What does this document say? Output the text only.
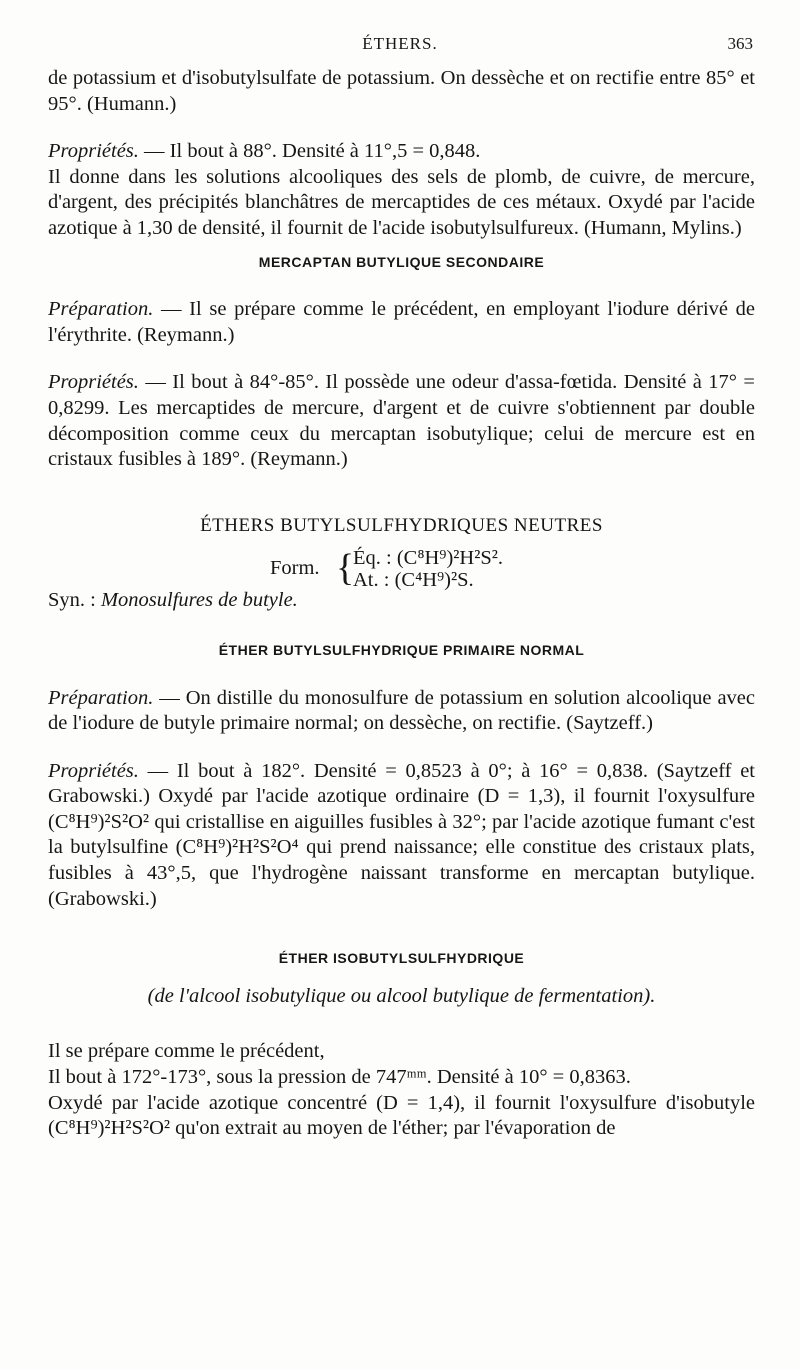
ÉTHERS.	363

de potassium et d'isobutylsulfate de potassium. On dessèche et on rectifie entre 85° et 95°. (Humann.)

Propriétés. — Il bout à 88°. Densité à 11°,5 = 0,848.

Il donne dans les solutions alcooliques des sels de plomb, de cuivre, de mercure, d'argent, des précipités blanchâtres de mercaptides de ces métaux. Oxydé par l'acide azotique à 1,30 de densité, il fournit de l'acide isobutylsulfureux. (Humann, Mylins.)

MERCAPTAN BUTYLIQUE SECONDAIRE

Préparation. — Il se prépare comme le précédent, en employant l'iodure dérivé de l'érythrite. (Reymann.)

Propriétés. — Il bout à 84°-85°. Il possède une odeur d'assa-fœtida. Densité à 17° = 0,8299. Les mercaptides de mercure, d'argent et de cuivre s'obtiennent par double décomposition comme ceux du mercaptan isobutylique; celui de mercure est en cristaux fusibles à 189°. (Reymann.)

ÉTHERS BUTYLSULFHYDRIQUES NEUTRES
Form. {
Éq. : (C⁸H⁹)²H²S².
At. : (C⁴H⁹)²S.

Syn. : Monosulfures de butyle.

ÉTHER BUTYLSULFHYDRIQUE PRIMAIRE NORMAL

Préparation. — On distille du monosulfure de potassium en solution alcoolique avec de l'iodure de butyle primaire normal; on dessèche, on rectifie. (Saytzeff.)

Propriétés. — Il bout à 182°. Densité = 0,8523 à 0°; à 16° = 0,838. (Saytzeff et Grabowski.) Oxydé par l'acide azotique ordinaire (D = 1,3), il fournit l'oxysulfure (C⁸H⁹)²S²O² qui cristallise en aiguilles fusibles à 32°; par l'acide azotique fumant c'est la butylsulfine (C⁸H⁹)²H²S²O⁴ qui prend naissance; elle constitue des cristaux plats, fusibles à 43°,5, que l'hydrogène naissant transforme en mercaptan butylique. (Grabowski.)

ÉTHER ISOBUTYLSULFHYDRIQUE
(de l'alcool isobutylique ou alcool butylique de fermentation).

Il se prépare comme le précédent,

Il bout à 172°-173°, sous la pression de 747ᵐᵐ. Densité à 10° = 0,8363.

Oxydé par l'acide azotique concentré (D = 1,4), il fournit l'oxysulfure d'isobutyle (C⁸H⁹)²H²S²O² qu'on extrait au moyen de l'éther; par l'évaporation de
